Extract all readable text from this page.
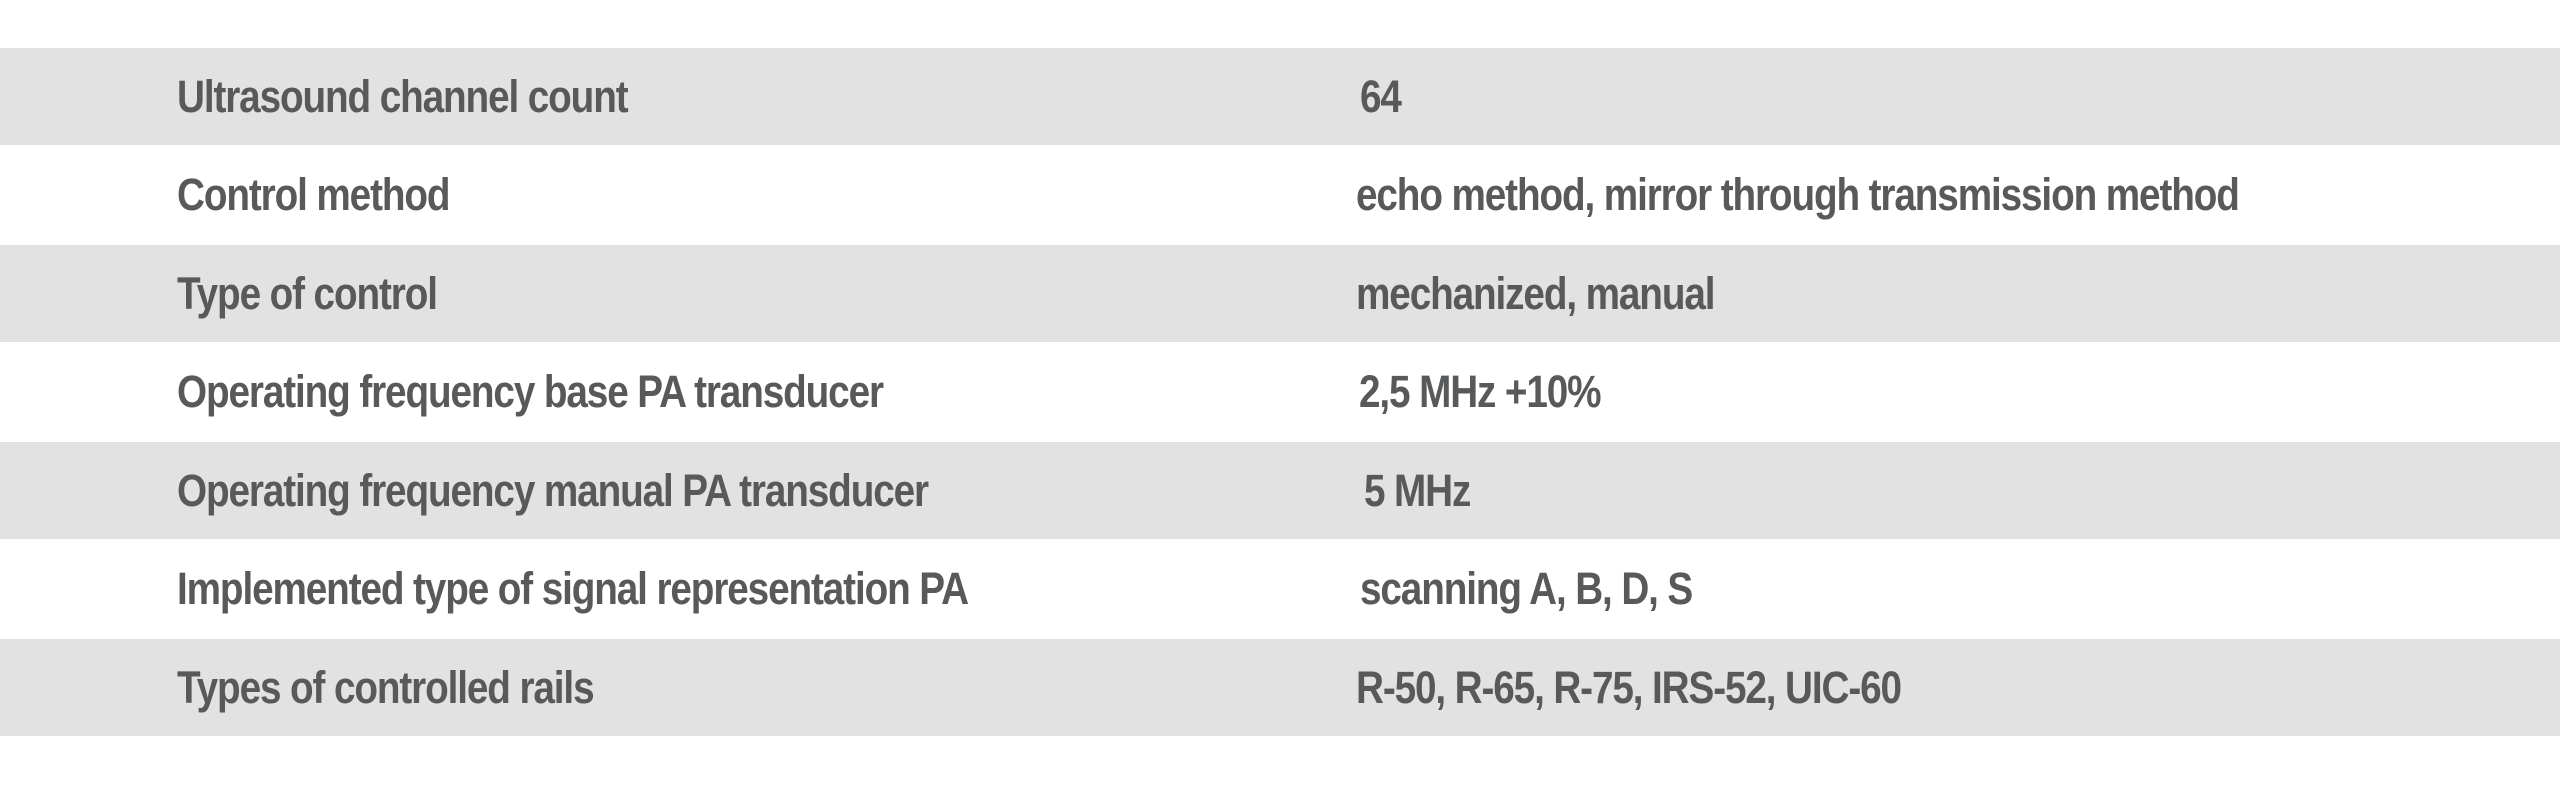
Ultrasound channel count	64
Control method	echo method, mirror through transmission method
Type of control	mechanized, manual
Operating frequency base PA transducer	2,5 MHz +10%
Operating frequency manual PA transducer	5 MHz
Implemented type of signal representation PA	scanning A, B, D, S
Types of controlled rails	R-50, R-65, R-75, IRS-52, UIC-60
